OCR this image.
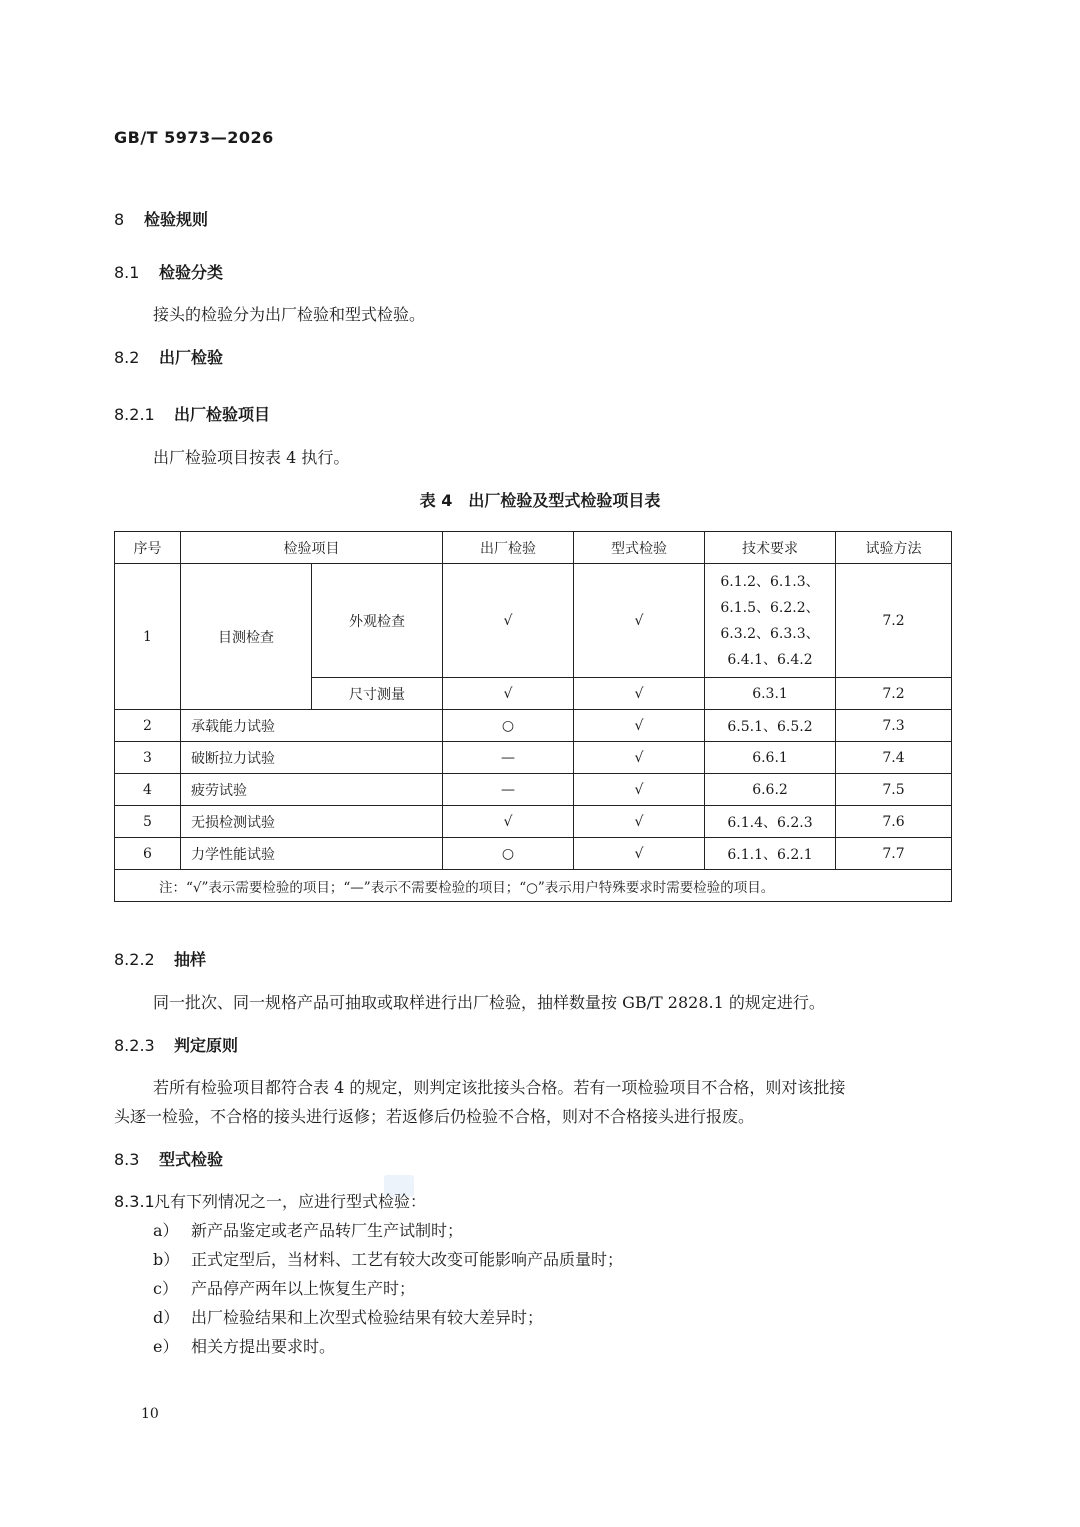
GB/T 5973—2026
8 检验规则
8.1 检验分类
接头的检验分为出厂检验和型式检验。
8.2 出厂检验
8.2.1 出厂检验项目
出厂检验项目按表 4 执行。
表 4　出厂检验及型式检验项目表
序号	检验项目		出厂检验	型式检验	技术要求	试验方法
1	目测检查	外观检查	√	√	6.1.2、6.1.3、
6.1.5、6.2.2、
6.3.2、6.3.3、
6.4.1、6.4.2	7.2
		尺寸测量	√	√	6.3.1	7.2
2	承载能力试验		○	√	6.5.1、6.5.2	7.3
3	破断拉力试验		—	√	6.6.1	7.4
4	疲劳试验		—	√	6.6.2	7.5
5	无损检测试验		√	√	6.1.4、6.2.3	7.6
6	力学性能试验		○	√	6.1.1、6.2.1	7.7
注：“√”表示需要检验的项目；“—”表示不需要检验的项目；“○”表示用户特殊要求时需要检验的项目。						
8.2.2 抽样
同一批次、同一规格产品可抽取或取样进行出厂检验，抽样数量按 GB/T 2828.1 的规定进行。
8.2.3 判定原则
若所有检验项目都符合表 4 的规定，则判定该批接头合格。若有一项检验项目不合格，则对该批接
头逐一检验，不合格的接头进行返修；若返修后仍检验不合格，则对不合格接头进行报废。
8.3 型式检验
8.3.1凡有下列情况之一，应进行型式检验：
a） 新产品鉴定或老产品转厂生产试制时；
b） 正式定型后，当材料、工艺有较大改变可能影响产品质量时；
c） 产品停产两年以上恢复生产时；
d） 出厂检验结果和上次型式检验结果有较大差异时；
e） 相关方提出要求时。
10
